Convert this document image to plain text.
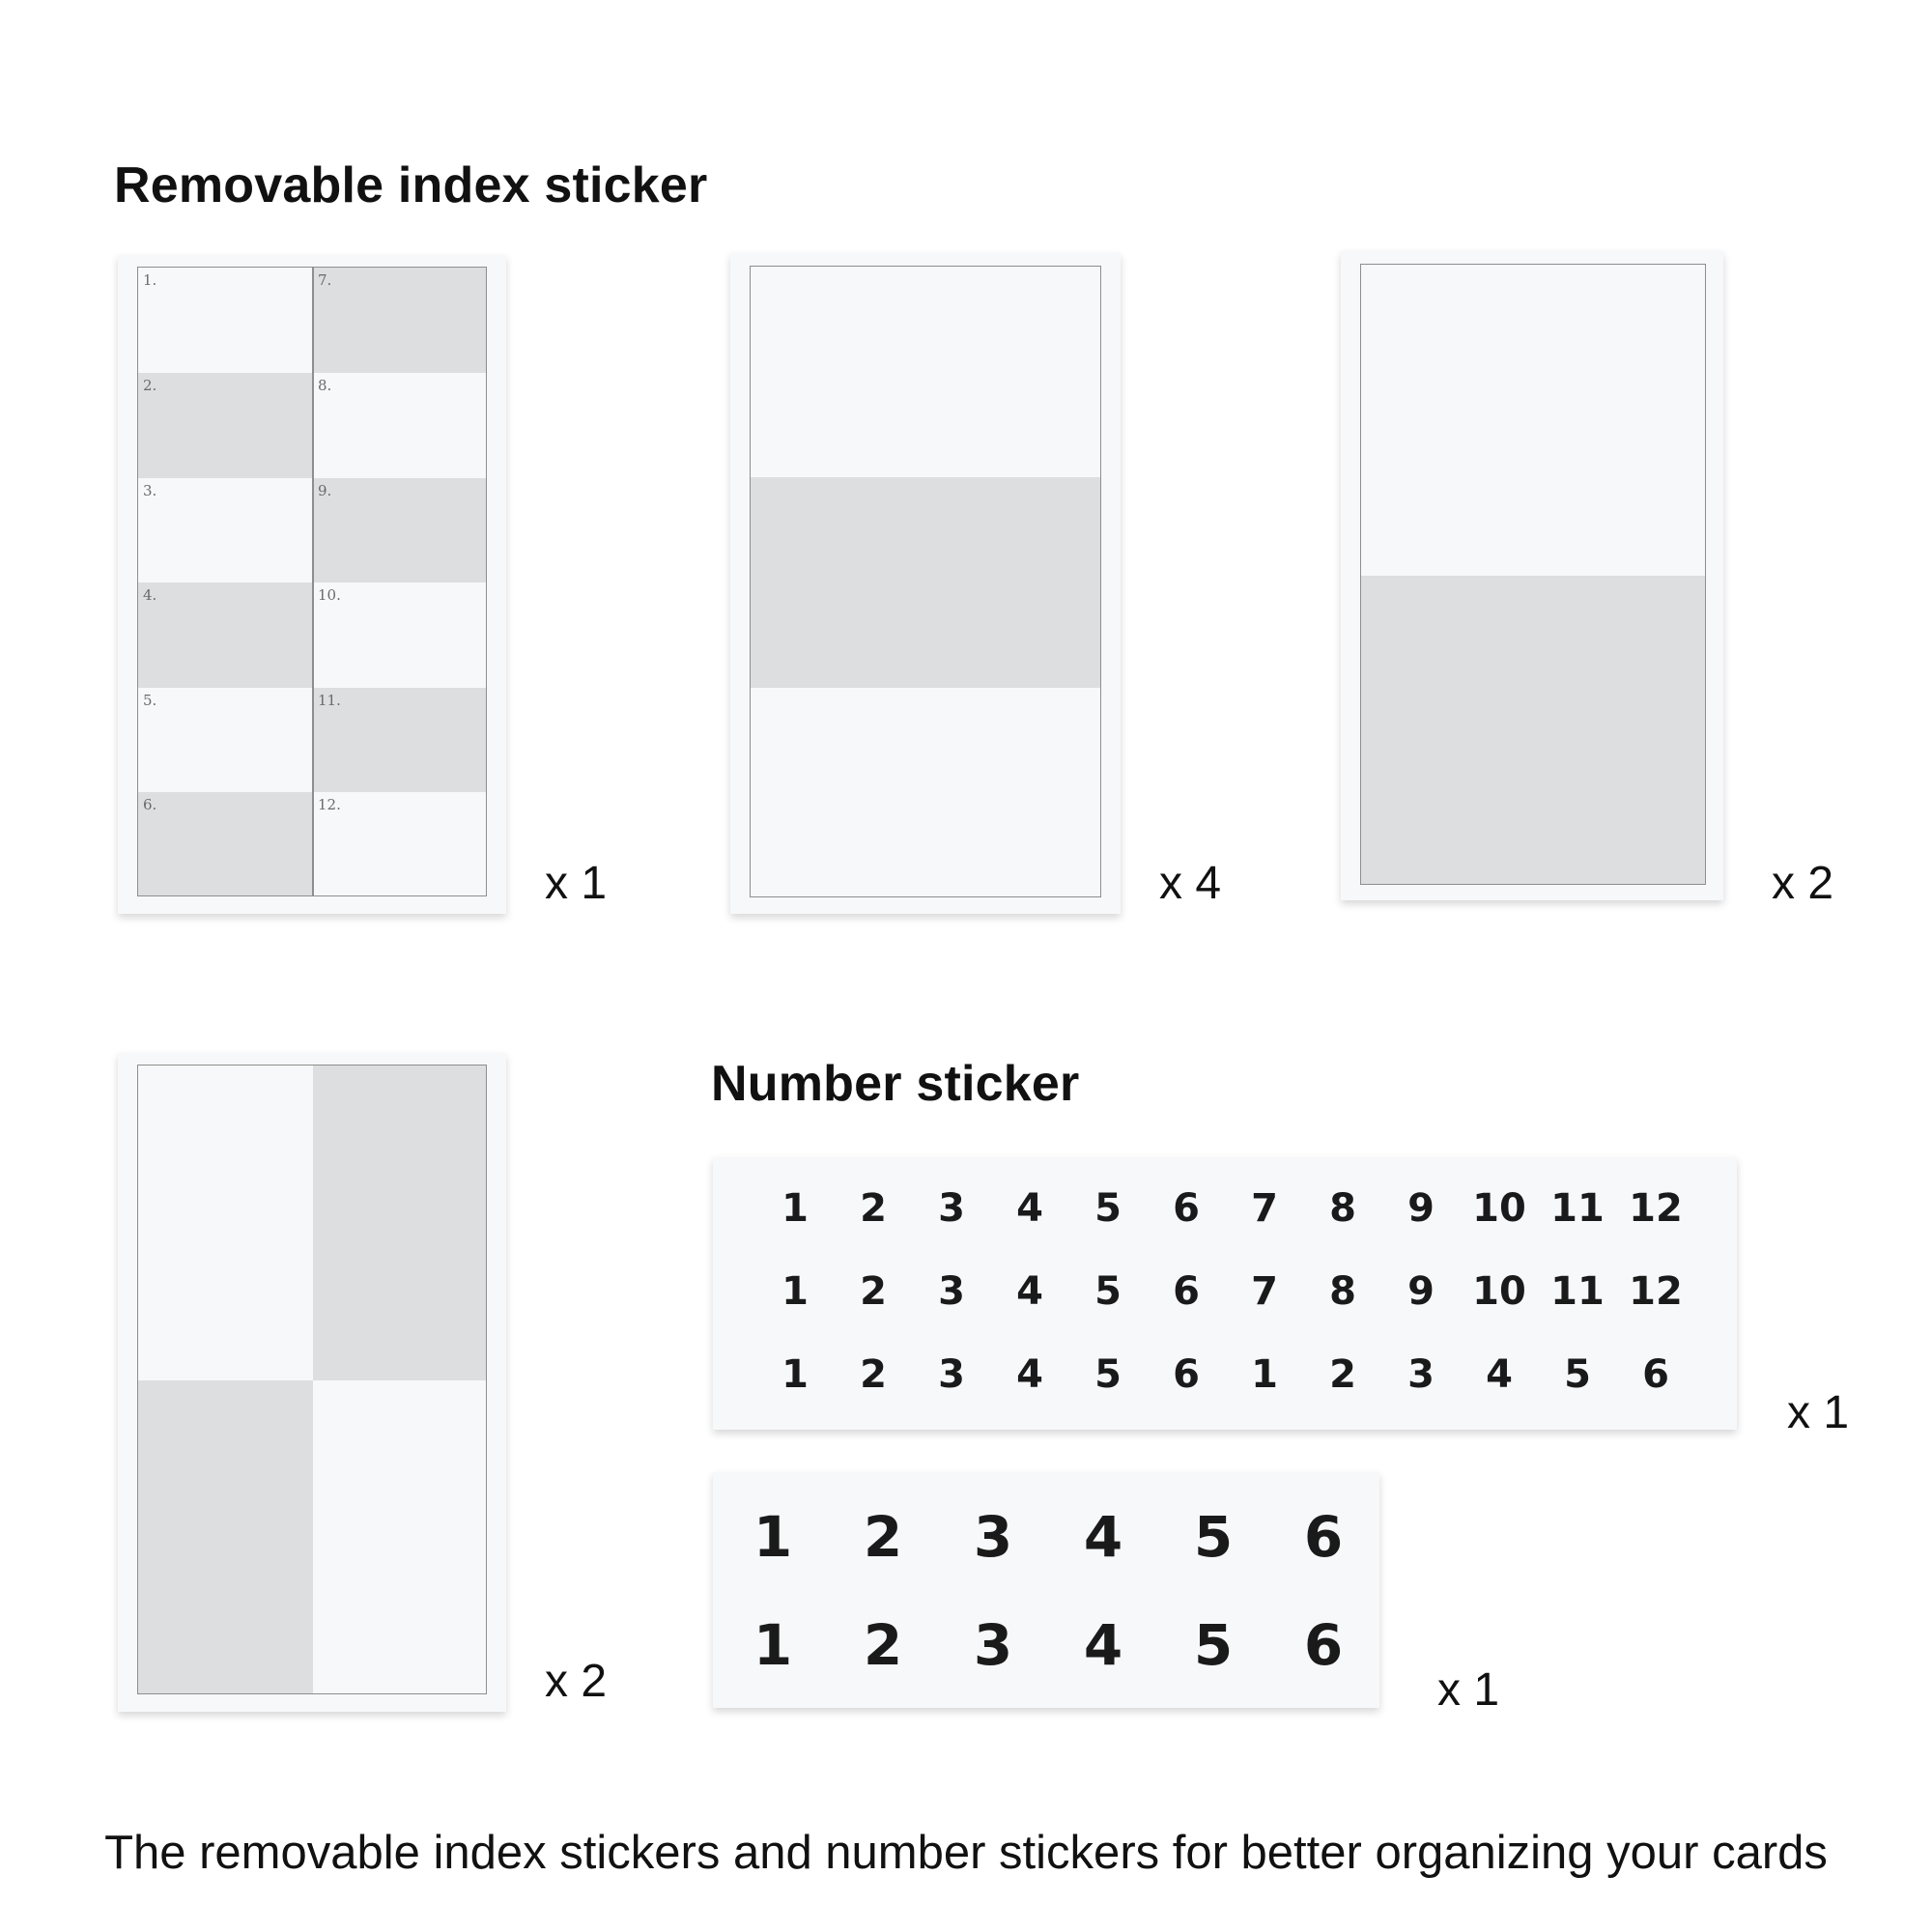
Removable index sticker
1.
2.
3.
4.
5.
6.
7.
8.
9.
10.
11.
12.
x 1	x 4	x 2
x 2
Number sticker
1 2 3 4 5 6 7 8 9 10 11 12
1 2 3 4 5 6 7 8 9 10 11 12
1 2 3 4 5 6 1 2 3 4 5 6
x 1
1 2 3 4 5 6
1 2 3 4 5 6
x 1
The removable index stickers and number stickers for better organizing your cards
